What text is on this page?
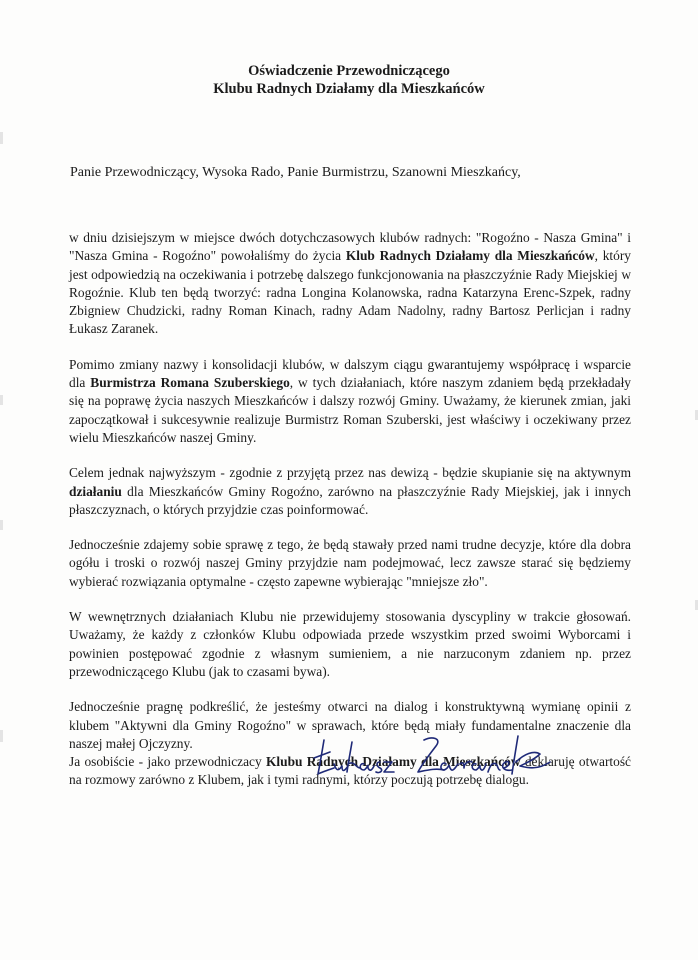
Oświadczenie Przewodniczącego
Klubu Radnych Działamy dla Mieszkańców
Panie Przewodniczący, Wysoka Rado, Panie Burmistrzu, Szanowni Mieszkańcy,

w dniu dzisiejszym w miejsce dwóch dotychczasowych klubów radnych: "Rogoźno - Nasza Gmina" i "Nasza Gmina - Rogoźno" powołaliśmy do życia Klub Radnych Działamy dla Mieszkańców, który jest odpowiedzią na oczekiwania i potrzebę dalszego funkcjonowania na płaszczyźnie Rady Miejskiej w Rogoźnie. Klub ten będą tworzyć: radna Longina Kolanowska, radna Katarzyna Erenc-Szpek, radny Zbigniew Chudzicki, radny Roman Kinach, radny Adam Nadolny, radny Bartosz Perlicjan i radny Łukasz Zaranek.

Pomimo zmiany nazwy i konsolidacji klubów, w dalszym ciągu gwarantujemy współpracę i wsparcie dla Burmistrza Romana Szuberskiego, w tych działaniach, które naszym zdaniem będą przekładały się na poprawę życia naszych Mieszkańców i dalszy rozwój Gminy. Uważamy, że kierunek zmian, jaki zapoczątkował i sukcesywnie realizuje Burmistrz Roman Szuberski, jest właściwy i oczekiwany przez wielu Mieszkańców naszej Gminy.

Celem jednak najwyższym - zgodnie z przyjętą przez nas dewizą - będzie skupianie się na aktywnym działaniu dla Mieszkańców Gminy Rogoźno, zarówno na płaszczyźnie Rady Miejskiej, jak i innych płaszczyznach, o których przyjdzie czas poinformować.

Jednocześnie zdajemy sobie sprawę z tego, że będą stawały przed nami trudne decyzje, które dla dobra ogółu i troski o rozwój naszej Gminy przyjdzie nam podejmować, lecz zawsze starać się będziemy wybierać rozwiązania optymalne - często zapewne wybierając "mniejsze zło".

W wewnętrznych działaniach Klubu nie przewidujemy stosowania dyscypliny w trakcie głosowań. Uważamy, że każdy z członków Klubu odpowiada przede wszystkim przed swoimi Wyborcami i powinien postępować zgodnie z własnym sumieniem, a nie narzuconym zdaniem np. przez przewodniczącego Klubu (jak to czasami bywa).

Jednocześnie pragnę podkreślić, że jesteśmy otwarci na dialog i konstruktywną wymianę opinii z klubem "Aktywni dla Gminy Rogoźno" w sprawach, które będą miały fundamentalne znaczenie dla naszej małej Ojczyzny.

Ja osobiście - jako przewodniczacy Klubu Radnych Działamy dla Mieszkańców deklaruję otwartość na rozmowy zarówno z Klubem, jak i tymi radnymi, którzy poczują potrzebę dialogu.
